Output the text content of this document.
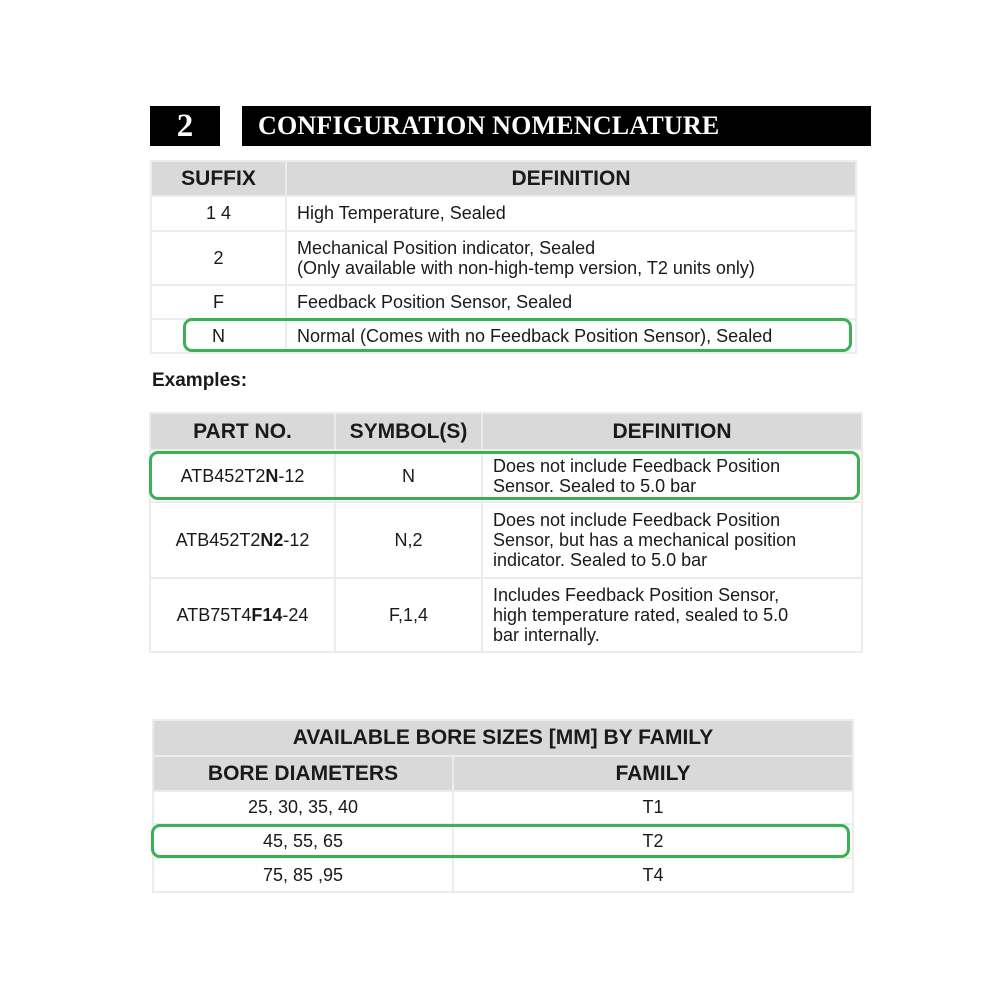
2	CONFIGURATION NOMENCLATURE
SUFFIX	DEFINITION
1 4	High Temperature, Sealed
2	Mechanical Position indicator, Sealed
(Only available with non-high-temp version, T2 units only)

F	Feedback Position Sensor, Sealed
N	Normal (Comes with no Feedback Position Sensor), Sealed
Examples:
PART NO.	SYMBOL(S)	DEFINITION
ATB452T2N-12	N	Does not include Feedback Position
Sensor. Sealed to 5.0 bar

ATB452T2N2-12	N,2	Does not include Feedback Position
Sensor, but has a mechanical position
indicator. Sealed to 5.0 bar

ATB75T4F14-24	F,1,4	Includes Feedback Position Sensor,
high temperature rated, sealed to 5.0
bar internally.
AVAILABLE BORE SIZES [MM] BY FAMILY	
BORE DIAMETERS	FAMILY
25, 30, 35, 40	T1
45, 55, 65	T2
75, 85 ,95	T4
